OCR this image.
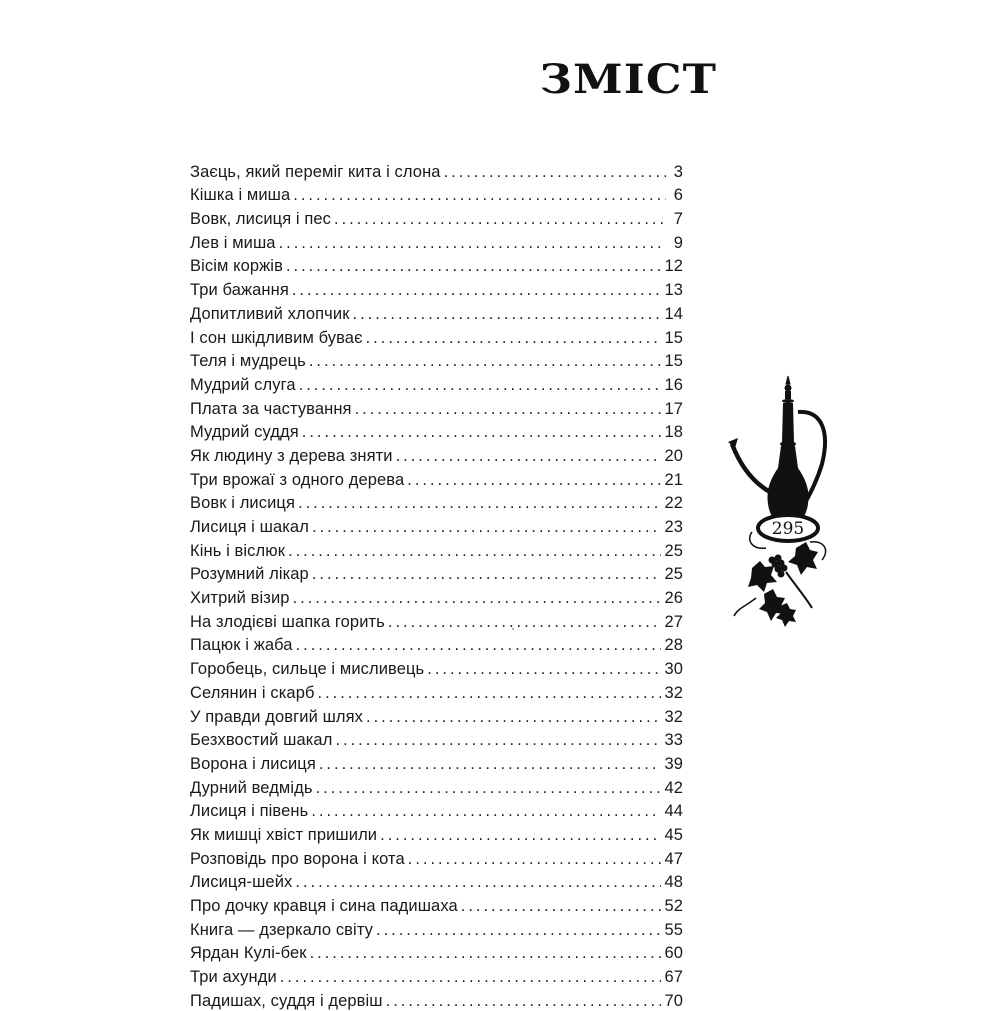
ЗМІСТ
Заєць, який переміг кита і слона . . .	3
Кішка і миша . . .	6
Вовк, лисиця і пес . . .	7
Лев і миша . . .	9
Вісім коржів . . .	12
Три бажання . . .	13
Допитливий хлопчик . . .	14
І сон шкідливим буває . . .	15
Теля і мудрець . . .	15
Мудрий слуга . . .	16
Плата за частування . . .	17
Мудрий суддя . . .	18
Як людину з дерева зняти . . .	20
Три врожаї з одного дерева . . .	21
Вовк і лисиця . . .	22
Лисиця і шакал . . .	23
Кінь і віслюк . . .	25
Розумний лікар . . .	25
Хитрий візир . . .	26
На злодієві шапка горить . . .	27
Пацюк і жаба . . .	28
Горобець, сильце і мисливець . . .	30
Селянин і скарб . . .	32
У правди довгий шлях . . .	32
Безхвостий шакал . . .	33
Ворона і лисиця . . .	39
Дурний ведмідь . . .	42
Лисиця і півень . . .	44
Як мишці хвіст пришили . . .	45
Розповідь про ворона і кота . . .	47
Лисиця-шейх . . .	48
Про дочку кравця і сина падишаха . . .	52
Книга — дзеркало світу . . .	55
Ярдан Кулі-бек . . .	60
Три ахунди . . .	67
Падишах, суддя і дервіш . . .	70
295
